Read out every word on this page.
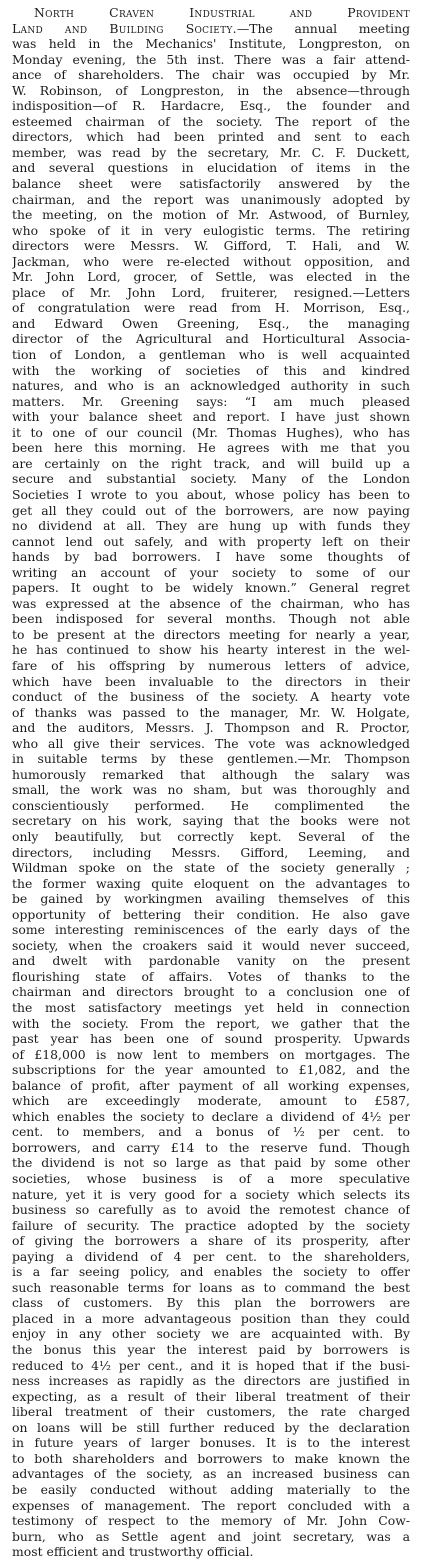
North Craven Industrial and Provident
Land and Building Society.—The annual meeting
was held in the Mechanics' Institute, Longpreston, on
Monday evening, the 5th inst. There was a fair attend-
ance of shareholders. The chair was occupied by Mr.
W. Robinson, of Longpreston, in the absence—through
indisposition—of R. Hardacre, Esq., the founder and
esteemed chairman of the society. The report of the
directors, which had been printed and sent to each
member, was read by the secretary, Mr. C. F. Duckett,
and several questions in elucidation of items in the
balance sheet were satisfactorily answered by the
chairman, and the report was unanimously adopted by
the meeting, on the motion of Mr. Astwood, of Burnley,
who spoke of it in very eulogistic terms. The retiring
directors were Messrs. W. Gifford, T. Hali, and W.
Jackman, who were re-elected without opposition, and
Mr. John Lord, grocer, of Settle, was elected in the
place of Mr. John Lord, fruiterer, resigned.—Letters
of congratulation were read from H. Morrison, Esq.,
and Edward Owen Greening, Esq., the managing
director of the Agricultural and Horticultural Associa-
tion of London, a gentleman who is well acquainted
with the working of societies of this and kindred
natures, and who is an acknowledged authority in such
matters. Mr. Greening says: “I am much pleased
with your balance sheet and report. I have just shown
it to one of our council (Mr. Thomas Hughes), who has
been here this morning. He agrees with me that you
are certainly on the right track, and will build up a
secure and substantial society. Many of the London
Societies I wrote to you about, whose policy has been to
get all they could out of the borrowers, are now paying
no dividend at all. They are hung up with funds they
cannot lend out safely, and with property left on their
hands by bad borrowers. I have some thoughts of
writing an account of your society to some of our
papers. It ought to be widely known.” General regret
was expressed at the absence of the chairman, who has
been indisposed for several months. Though not able
to be present at the directors meeting for nearly a year,
he has continued to show his hearty interest in the wel-
fare of his offspring by numerous letters of advice,
which have been invaluable to the directors in their
conduct of the business of the society. A hearty vote
of thanks was passed to the manager, Mr. W. Holgate,
and the auditors, Messrs. J. Thompson and R. Proctor,
who all give their services. The vote was acknowledged
in suitable terms by these gentlemen.—Mr. Thompson
humorously remarked that although the salary was
small, the work was no sham, but was thoroughly and
conscientiously performed. He complimented the
secretary on his work, saying that the books were not
only beautifully, but correctly kept. Several of the
directors, including Messrs. Gifford, Leeming, and
Wildman spoke on the state of the society generally ;
the former waxing quite eloquent on the advantages to
be gained by workingmen availing themselves of this
opportunity of bettering their condition. He also gave
some interesting reminiscences of the early days of the
society, when the croakers said it would never succeed,
and dwelt with pardonable vanity on the present
flourishing state of affairs. Votes of thanks to the
chairman and directors brought to a conclusion one of
the most satisfactory meetings yet held in connection
with the society. From the report, we gather that the
past year has been one of sound prosperity. Upwards
of £18,000 is now lent to members on mortgages. The
subscriptions for the year amounted to £1,082, and the
balance of profit, after payment of all working expenses,
which are exceedingly moderate, amount to £587,
which enables the society to declare a dividend of 4½ per
cent. to members, and a bonus of ½ per cent. to
borrowers, and carry £14 to the reserve fund. Though
the dividend is not so large as that paid by some other
societies, whose business is of a more speculative
nature, yet it is very good for a society which selects its
business so carefully as to avoid the remotest chance of
failure of security. The practice adopted by the society
of giving the borrowers a share of its prosperity, after
paying a dividend of 4 per cent. to the shareholders,
is a far seeing policy, and enables the society to offer
such reasonable terms for loans as to command the best
class of customers. By this plan the borrowers are
placed in a more advantageous position than they could
enjoy in any other society we are acquainted with. By
the bonus this year the interest paid by borrowers is
reduced to 4½ per cent., and it is hoped that if the busi-
ness increases as rapidly as the directors are justified in
expecting, as a result of their liberal treatment of their
liberal treatment of their customers, the rate charged
on loans will be still further reduced by the declaration
in future years of larger bonuses. It is to the interest
to both shareholders and borrowers to make known the
advantages of the society, as an increased business can
be easily conducted without adding materially to the
expenses of management. The report concluded with a
testimony of respect to the memory of Mr. John Cow-
burn, who as Settle agent and joint secretary, was a
most efficient and trustworthy official.
